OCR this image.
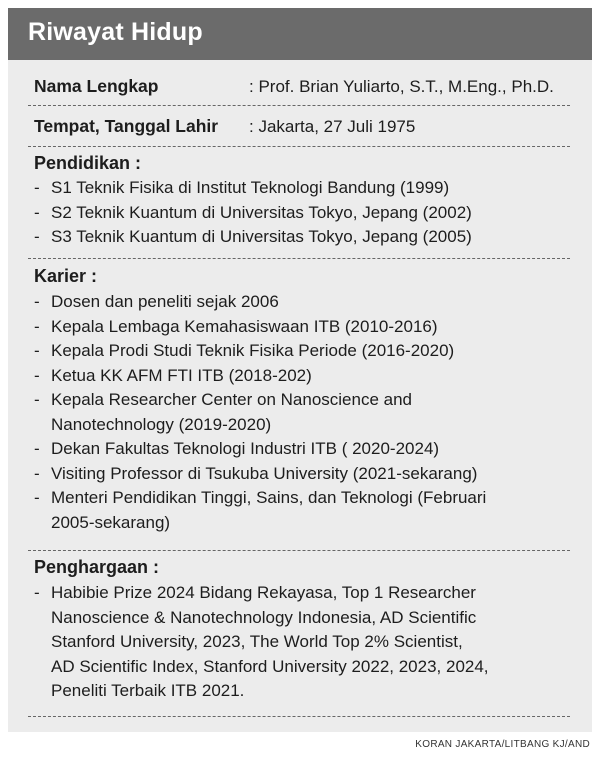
Riwayat Hidup
Nama Lengkap	: Prof. Brian Yuliarto, S.T., M.Eng., Ph.D.
Tempat, Tanggal Lahir : Jakarta, 27 Juli 1975
Pendidikan :
- S1 Teknik Fisika di Institut Teknologi Bandung (1999)
- S2 Teknik Kuantum di Universitas Tokyo, Jepang (2002)
- S3 Teknik Kuantum di Universitas Tokyo, Jepang (2005)
Karier :
- Dosen dan peneliti sejak 2006
- Kepala Lembaga Kemahasiswaan ITB (2010-2016)
- Kepala Prodi Studi Teknik Fisika Periode (2016-2020)
- Ketua KK AFM FTI ITB (2018-202)
- Kepala Researcher Center on Nanoscience and
Nanotechnology (2019-2020)
- Dekan Fakultas Teknologi Industri ITB ( 2020-2024)
- Visiting Professor di Tsukuba University (2021-sekarang)
- Menteri Pendidikan Tinggi, Sains, dan Teknologi (Februari
2005-sekarang)
Penghargaan :
- Habibie Prize 2024 Bidang Rekayasa, Top 1 Researcher
Nanoscience & Nanotechnology Indonesia, AD Scientific
Stanford University, 2023, The World Top 2% Scientist,
AD Scientific Index, Stanford University 2022, 2023, 2024,
Peneliti Terbaik ITB 2021.
KORAN JAKARTA/LITBANG KJ/AND
